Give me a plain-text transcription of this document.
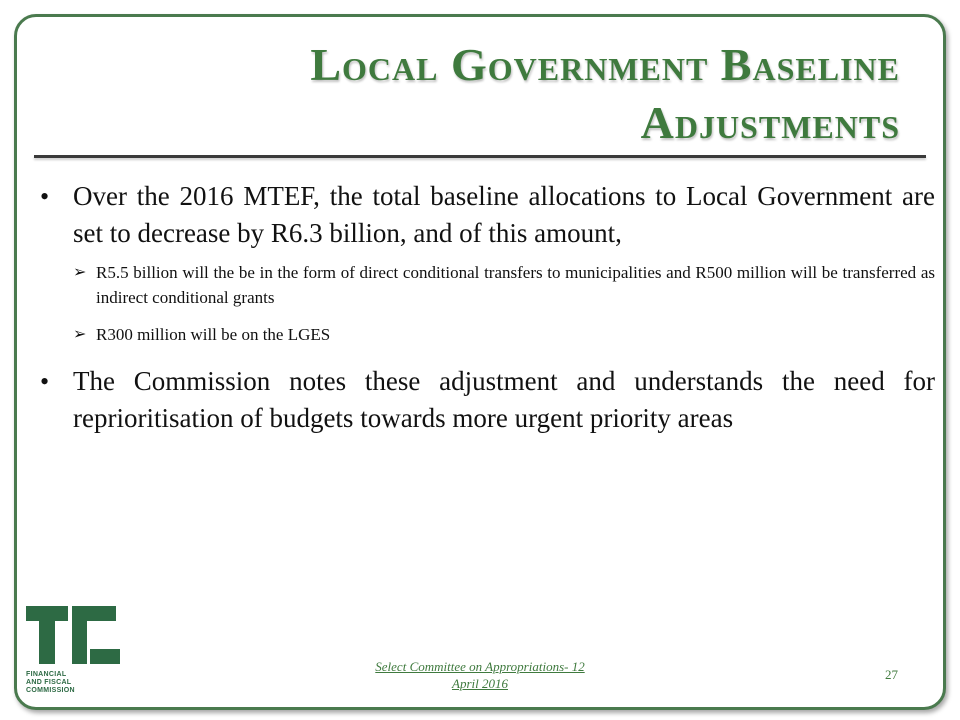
Local Government Baseline
Adjustments
• Over the 2016 MTEF, the total baseline allocations to Local Government are set to decrease by R6.3 billion, and of this amount,
➢ R5.5 billion will the be in the form of direct conditional transfers to municipalities and R500 million will be transferred as indirect conditional grants
➢ R300 million will be on the LGES
• The Commission notes these adjustment and understands the need for reprioritisation of budgets towards more urgent priority areas
FINANCIAL
AND FISCAL
COMMISSION
Select Committee on Appropriations- 12
April 2016
27
